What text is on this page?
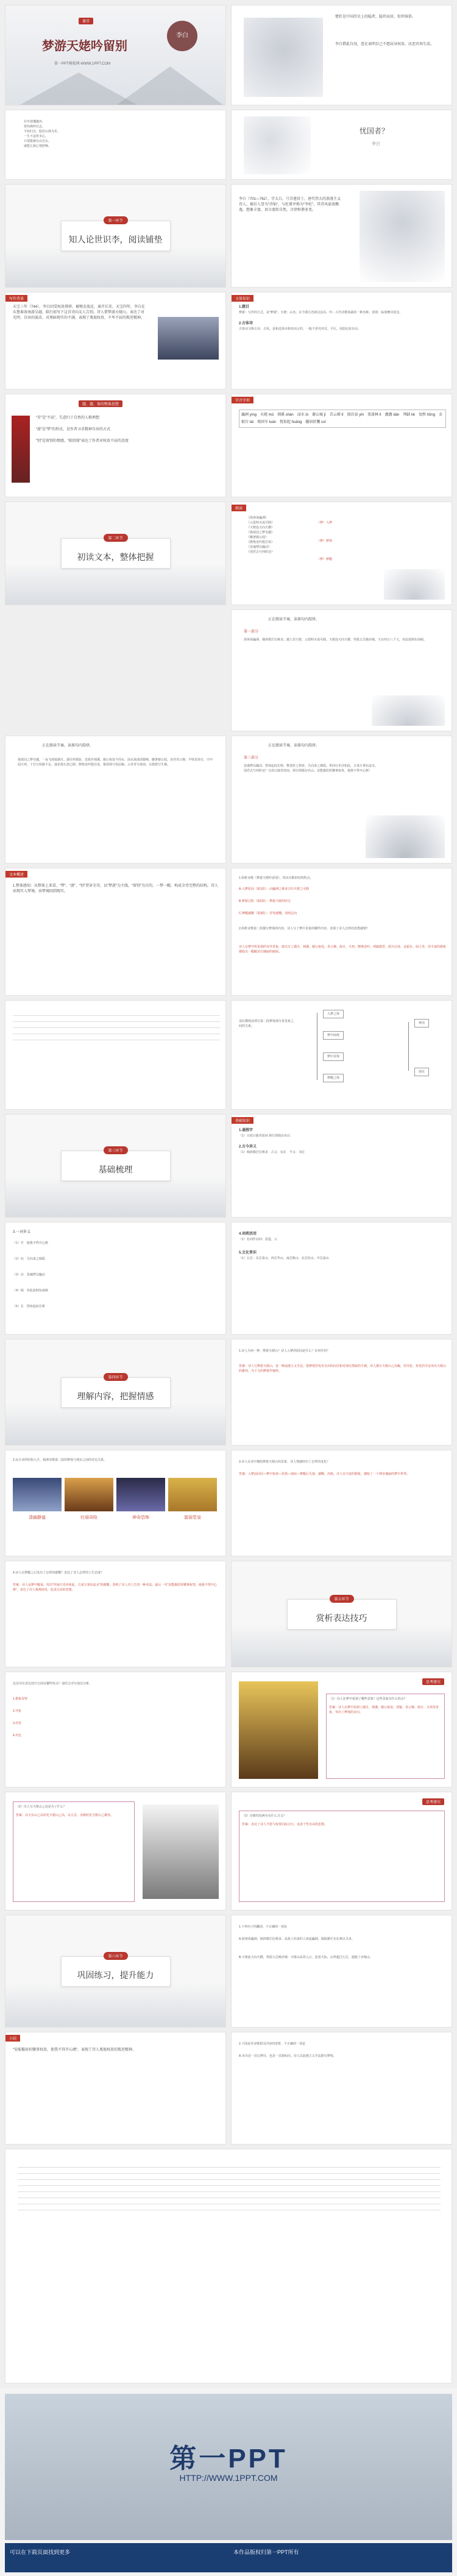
课堂
梦游天姥吟留别
第一PPT模板网-WWW.1PPT.COM
李白
楚狂是中国历史上的隐者，隐世而居，惊世骇俗。
李白借此自况，意在表明自己不愿屈身权贵，厌恶官场生活。
壮年即遭抛弃，
曾经满怀壮志，
不如归去，隐居山林为乐，
一生不违背本心，
只要能够自由自在，
就能让我心情舒畅。
忧国者？
李白
第一环节
知人论世识李，阅读铺垫
李白（701—762），字太白，号青莲居士，唐代伟大的浪漫主义诗人，被后人誉为“诗仙”，与杜甫并称为“李杜”。其诗风豪放飘逸，想象丰富，语言流转自然，音律和谐多变。
写作背景
天宝三年（744），李白因受权贵排挤，被赐金放还，离开长安。天宝四年，李白在东鲁准备南游吴越，临行前写下这首诗向友人告别。诗人借梦游天姥山，表达了对光明、自由的渴求，对黑暗现实的不满，表现了蔑视权贵、不卑不屈的叛逆精神。
文体知识
1.题目
梦游：写作的方式，是“梦游”。天姥：山名，在今浙江省新昌县东。吟：古代诗歌体裁的一种名称。留别：临别赠诗留念。
2.古体诗
古体诗又称古诗、古风，是和近体诗相对而言的，一般不讲究对仗、平仄，用韵比较自由。
题、题、体的整体思想
“苦”是“不屈”，失意归于自然的人格理想
“游”是“梦”的形式，是作者寻求精神自由的方式
“别”是留别的情感，“临别留”表达了作者对权贵不屈的态度
字音字形
瀛洲 yíng　天姥 mǔ　剡溪 shàn　渌水 lù　谢公屐 jī　青云梯 tī　殷岩泉 yǐn　栗深林 lì　澹澹 dàn　列缺 liè　訇然 hōng　金银台 tái　鸾回车 luán　恍惊起 huǎng　摧眉折腰 cuī
第二环节
初读文本，整体把握
朗读
《海客谈瀛洲》
《云霓明灭或可睹》
《天姥连天向天横》
《我欲因之梦吴越》
《脚著谢公屐》
《熊咆龙吟殷岩泉》
《忽魂悸以魄动》
《别君去兮何时还》
（梦）入梦
（梦）梦境
（梦）梦醒
正在朗读节奏，读准句内韵律。
第一部分
海客谈瀛洲，烟涛微茫信难求；越人语天姥，云霞明灭或可睹。天姥连天向天横，势拔五岳掩赤城。天台四万八千丈，对此欲倒东南倾。
正在朗读节奏，读准句内韵律。
我欲因之梦吴越，一夜飞度镜湖月。湖月照我影，送我至剡溪。谢公宿处今尚在，渌水荡漾清猿啼。脚著谢公屐，身登青云梯。半壁见海日，空中闻天鸡。千岩万转路不定，迷花倚石忽已暝。熊咆龙吟殷岩泉，栗深林兮惊层巅。云青青兮欲雨，水澹澹兮生烟。
正在朗读节奏，读准句内韵律。
第三部分
忽魂悸以魄动，恍惊起而长嗟。惟觉时之枕席，失向来之烟霞。世间行乐亦如此，古来万事东流水。别君去兮何时还？且放白鹿青崖间，须行即骑访名山。安能摧眉折腰事权贵，使我不得开心颜！
文本概述
1.整体感知：从整体上来看，“梦”、“游”、“别”贯穿全诗，以“梦游”为主线，“留别”为目的，一梦一醒，构成全诗完整的结构，诗人由现实入梦境，由梦境回到现实。
1.简析诗歌《梦游天姥吟留别》，找出诗歌的结构特点。
A.入梦原因（第1段）：由瀛洲之难求引出天姥之可睹
B.梦游过程（第2段）：梦游天姥的经过
C.梦醒感慨（第3段）：抒发感慨，表明志向
2.简析诗歌第二段描写梦境的内容，诗人写了梦中景象的哪些内容，表现了诗人怎样的思想感情？
诗人在梦中所见到的奇异景象，依次写了湖月、剡溪、谢公宿处、青云梯、海日、天鸡、熊咆龙吟、列缺霹雳、洞天石扉、金银台、仙人等，用丰富的想象描绘出一幅幅奇幻瑰丽的画面。
请在横线处填写第二段梦境部分各景象之间的关系。
入梦之境
梦中仙境
梦中奇境
梦醒之境
神话
现实
第三环节
基础梳理
基础知识
1.通假字
（1）且放白鹿青崖间 须行即骑访名山
2.古今异义
（1）烟涛微茫信难求　古义：实在　今义：书信
3.一词多义
（1）开　使我不得开心颜
（2）向　失向来之烟霞
（3）动　忽魂悸以魄动
（4）倾　对此欲倒东南倾
（5）长　恍惊起而长嗟
4.词类活用
（1）名词作动词：雷霆、云
5.文化常识
（1）五岳：东岳泰山、西岳华山、南岳衡山、北岳恒山、中岳嵩山
第四环节
理解内容，把握情感
1.诗人为何一梦，梦游天姥山？诗人入梦的原因是什么？有何作用？
答案：诗人写梦游天姥山，是一种浪漫主义手法，借梦境抒发对自由的向往和对现实黑暗的不满。诗人描写天姥山之高峻，用夸张、衬托的手法突出天姥山的雄伟，为下文的梦游作铺垫。
2.从全诗的结构入手，梳理诗歌第二段的梦境与现实之间的对比关系。
清幽静谧	壮丽奇险	神奇恐怖	富丽堂皇
3.诗人在诗中描绘梦游天姥山的景象，诗人情感经历了怎样的变化？
答案：入梦前向往—梦中惊喜—恐惧—惊叹—梦醒后失落、感慨、决绝。诗人以丰富的想象，描绘了一个神奇瑰丽的梦中世界。
4.诗人在梦醒之后发出了怎样的感慨？表达了诗人怎样的人生态度？
答案：诗人从梦中醒来，发出“世间行乐亦如此，古来万事东流水”的感慨，表明了诗人对人生的一种看法。最后一句“安能摧眉折腰事权贵，使我不得开心颜”，表达了诗人蔑视权贵、追求自由的思想。
第五环节
赏析表达技巧
这首诗在表达技巧方面有哪些特点？请结合诗句加以分析。
1.想象奇特
2.夸张
3.衬托
4.对比
思考探究
（1）诗人在梦中看到了哪些景象？这些景象有什么特点？
答案：诗人在梦中看到了湖月、剡溪、谢公宿处、清猿、青云梯、海日、天鸡等景象，突出了梦境的奇幻。
（2）诗人写天姥山之高是为了什么？
答案：以天台山之高衬托天姥山之高，以五岳、赤城衬托天姥山之雄伟。
思考探究
（3）诗歌结尾两句有什么含义？
答案：表达了诗人不愿与权贵同流合污，追求个性自由的思想。
第六环节
巩固练习，提升能力
1.下列句子的翻译，不正确的一项是
A.海客谈瀛洲，烟涛微茫信难求：从海上回来的人谈起瀛洲，烟波渺茫实在难以寻求。
B.天姥连天向天横，势拔五岳掩赤城：天姥山高耸入云，连着天际，山势超过五岳，遮掩了赤城山。
小结
“安能摧眉折腰事权贵，使我不得开心颜”，表现了诗人蔑视权贵的叛逆精神。
2.下面是对诗歌相关内容的赏析，不正确的一项是
A.本诗是一首记梦诗，也是一首游仙诗。诗人以浪漫主义手法描写梦境。
第一PPT
HTTP://WWW.1PPT.COM
可以在下载页面找到更多	本作品版权归第一PPT所有
